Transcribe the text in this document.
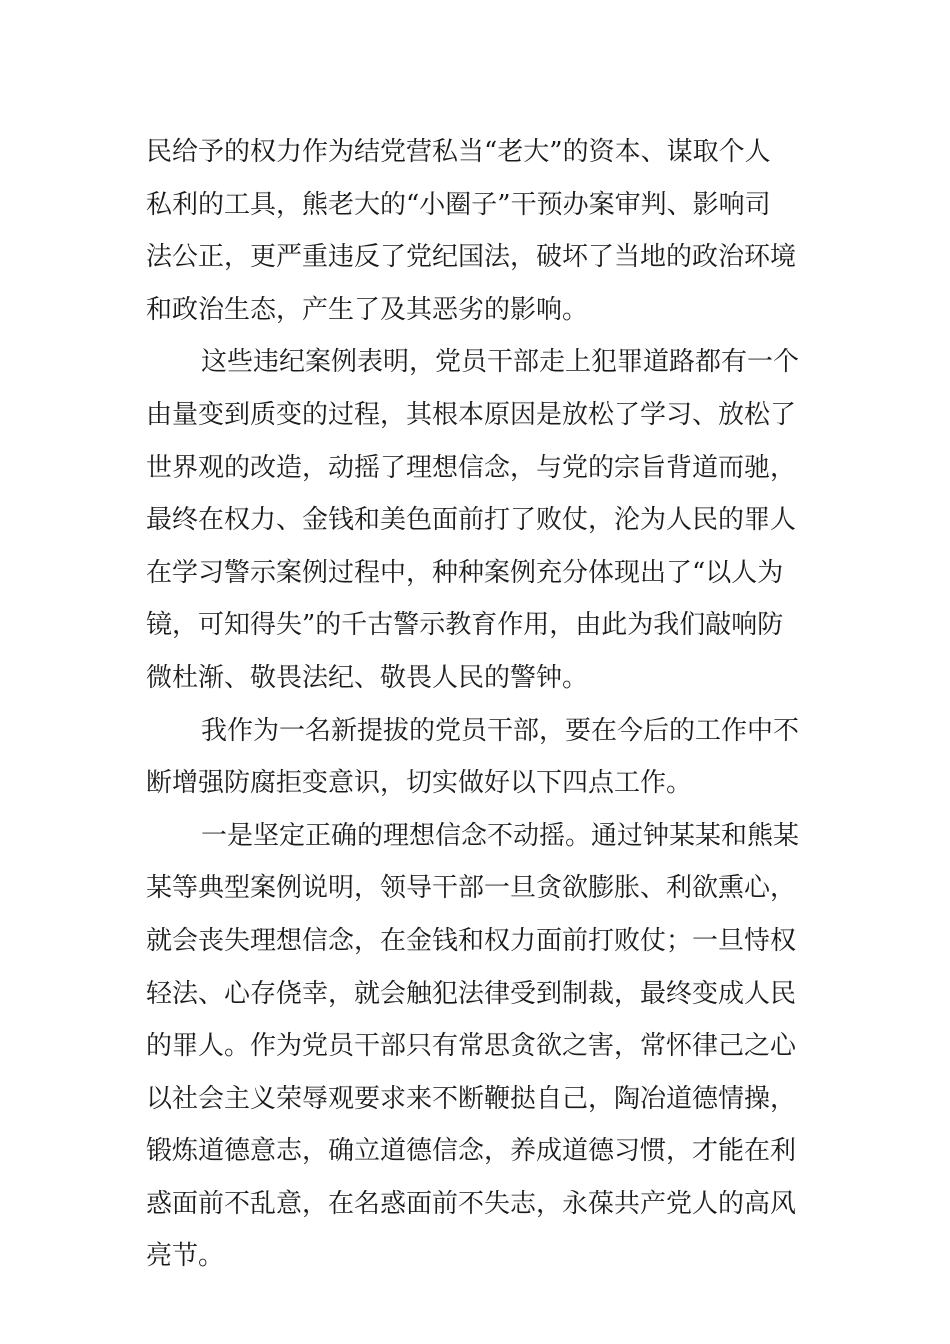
民给予的权力作为结党营私当“老大”的资本、谋取个人
私利的工具，熊老大的“小圈子”干预办案审判、影响司
法公正，更严重违反了党纪国法，破坏了当地的政治环境
和政治生态，产生了及其恶劣的影响。
这些违纪案例表明，党员干部走上犯罪道路都有一个
由量变到质变的过程，其根本原因是放松了学习、放松了
世界观的改造，动摇了理想信念，与党的宗旨背道而驰，
最终在权力、金钱和美色面前打了败仗，沦为人民的罪人
在学习警示案例过程中，种种案例充分体现出了“以人为
镜，可知得失”的千古警示教育作用，由此为我们敲响防
微杜渐、敬畏法纪、敬畏人民的警钟。
我作为一名新提拔的党员干部，要在今后的工作中不
断增强防腐拒变意识，切实做好以下四点工作。
一是坚定正确的理想信念不动摇。通过钟某某和熊某
某等典型案例说明，领导干部一旦贪欲膨胀、利欲熏心，
就会丧失理想信念，在金钱和权力面前打败仗；一旦恃权
轻法、心存侥幸，就会触犯法律受到制裁，最终变成人民
的罪人。作为党员干部只有常思贪欲之害，常怀律己之心
以社会主义荣辱观要求来不断鞭挞自己，陶冶道德情操，
锻炼道德意志，确立道德信念，养成道德习惯，才能在利
惑面前不乱意，在名惑面前不失志，永葆共产党人的高风
亮节。
